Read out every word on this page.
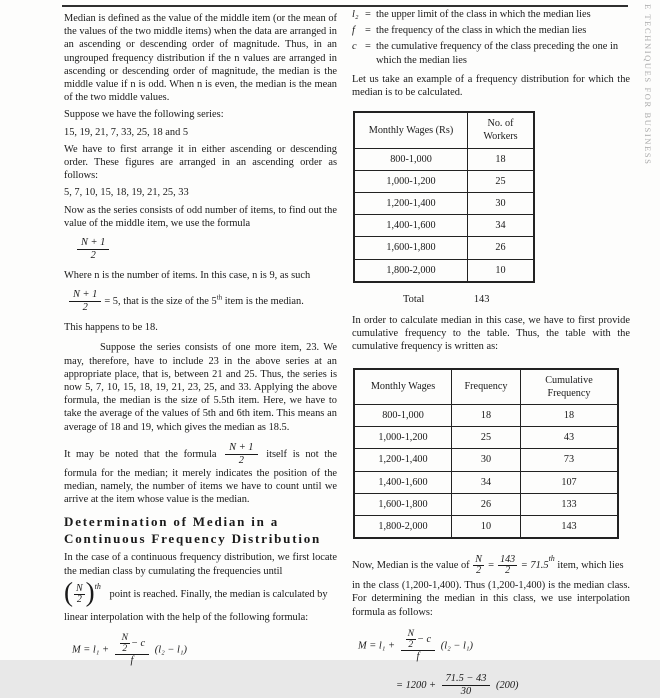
E TECHNIQUES FOR BUSINESS

Median is defined as the value of the middle item (or the mean of the values of the two middle items) when the data are arranged in an ascending or descending order of magnitude. Thus, in an ungrouped frequency distribution if the n values are arranged in ascending or descending order of magnitude, the median is the middle value if n is odd. When n is even, the median is the mean of the two middle values.

Suppose we have the following series:

15, 19, 21, 7, 33, 25, 18 and 5

We have to first arrange it in either ascending or descending order. These figures are arranged in an ascending order as follows:

5, 7, 10, 15, 18, 19, 21, 25, 33

Now as the series consists of odd number of items, to find out the value of the middle item, we use the formula

$\frac{N + 1}{2}$

Where n is the number of items. In this case, n is 9, as such

$\frac{N + 1}{2} = 5$, that is the size of the 5th item is the median.

This happens to be 18.

Suppose the series consists of one more item, 23. We may, therefore, have to include 23 in the above series at an appropriate place, that is, between 21 and 25. Thus, the series is now 5, 7, 10, 15, 18, 19, 21, 23, 25, and 33. Applying the above formula, the median is the size of 5.5th item. Here, we have to take the average of the values of 5th and 6th item. This means an average of 18 and 19, which gives the median as 18.5.

It may be noted that the formula $\frac{N + 1}{2}$ itself is not the formula for the median; it merely indicates the position of the median, namely, the number of items we have to count until we arrive at the item whose value is the median.

Determination of Median in a
Continuous Frequency Distribution

In the case of a continuous frequency distribution, we first locate the median class by cumulating the frequencies until

( $\frac{N}{2} )^{th}$ point is reached. Finally, the median is calculated by

linear interpolation with the help of the following formula:

$M = l_1 + \frac{\frac{N}{2} - c}{f} (l_2 - l_1)$
l₂ = the upper limit of the class in which the median lies
f = the frequency of the class in which the median lies
c = the cumulative frequency of the class preceding the one in which the median lies

Let us take an example of a frequency distribution for which the median is to be calculated.

Monthly Wages (Rs)	No. of Workers
800-1,000	18
1,000-1,200	25
1,200-1,400	30
1,400-1,600	34
1,600-1,800	26
1,800-2,000	10
Total	143

In order to calculate median in this case, we have to first provide cumulative frequency to the table. Thus, the table with the cumulative frequency is written as:

Monthly Wages	Frequency	Cumulative Frequency
800-1,000	18	18
1,000-1,200	25	43
1,200-1,400	30	73
1,400-1,600	34	107
1,600-1,800	26	133
1,800-2,000	10	143
Now, Median is the value of $\frac{N}{2} = \frac{143}{2} = 71.5th$ item, which lies

in the class (1,200-1,400). Thus (1,200-1,400) is the median class. For determining the median in this class, we use interpolation formula as follows:

$M = l_1 + \frac{\frac{N}{2} - c}{f} (l_2 - l_1)$
= $1200 + \frac{71.5 - 43}{30} (200)$
